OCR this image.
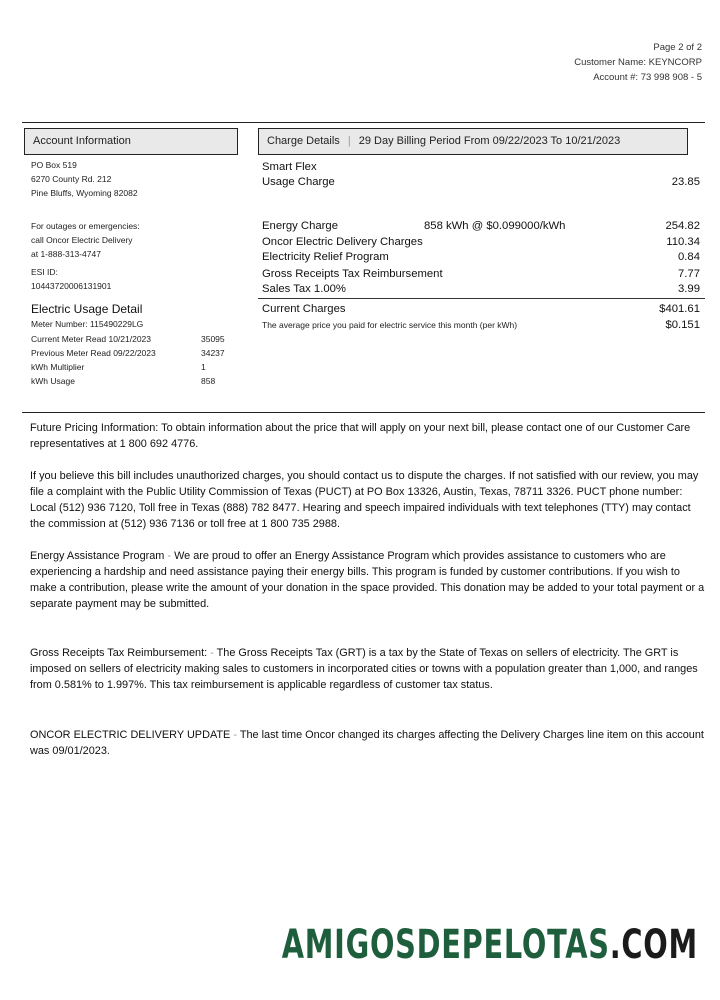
Page 2 of 2
Customer Name: KEYNCORP
Account #: 73 998 908 - 5
Account Information
PO Box 519
6270 County Rd. 212
Pine Bluffs, Wyoming 82082
For outages or emergencies:
call Oncor Electric Delivery
at 1-888-313-4747
ESI ID:
10443720006131901
Electric Usage Detail
Meter Number: 115490229LG
Current Meter Read 10/21/2023	35095
Previous Meter Read 09/22/2023	34237
kWh Multiplier	1
kWh Usage	858
Charge Details | 29 Day Billing Period From 09/22/2023 To 10/21/2023
Smart Flex
Usage Charge	23.85
Energy Charge	858 kWh @ $0.099000/kWh	254.82
Oncor Electric Delivery Charges	110.34
Electricity Relief Program	0.84
Gross Receipts Tax Reimbursement	7.77
Sales Tax 1.00%	3.99
Current Charges	$401.61
The average price you paid for electric service this month (per kWh)	$0.151
Future Pricing Information: To obtain information about the price that will apply on your next bill, please contact one of our Customer Care representatives at 1 800 692 4776.
If you believe this bill includes unauthorized charges, you should contact us to dispute the charges. If not satisfied with our review, you may file a complaint with the Public Utility Commission of Texas (PUCT) at PO Box 13326, Austin, Texas, 78711 3326. PUCT phone number: Local (512) 936 7120, Toll free in Texas (888) 782 8477. Hearing and speech impaired individuals with text telephones (TTY) may contact the commission at (512) 936 7136 or toll free at 1 800 735 2988.
Energy Assistance Program - We are proud to offer an Energy Assistance Program which provides assistance to customers who are experiencing a hardship and need assistance paying their energy bills. This program is funded by customer contributions. If you wish to make a contribution, please write the amount of your donation in the space provided. This donation may be added to your total payment or a separate payment may be submitted.
Gross Receipts Tax Reimbursement: - The Gross Receipts Tax (GRT) is a tax by the State of Texas on sellers of electricity. The GRT is imposed on sellers of electricity making sales to customers in incorporated cities or towns with a population greater than 1,000, and ranges from 0.581% to 1.997%. This tax reimbursement is applicable regardless of customer tax status.
ONCOR ELECTRIC DELIVERY UPDATE - The last time Oncor changed its charges affecting the Delivery Charges line item on this account was 09/01/2023.
AMIGOSDEPELOTAS.COM
